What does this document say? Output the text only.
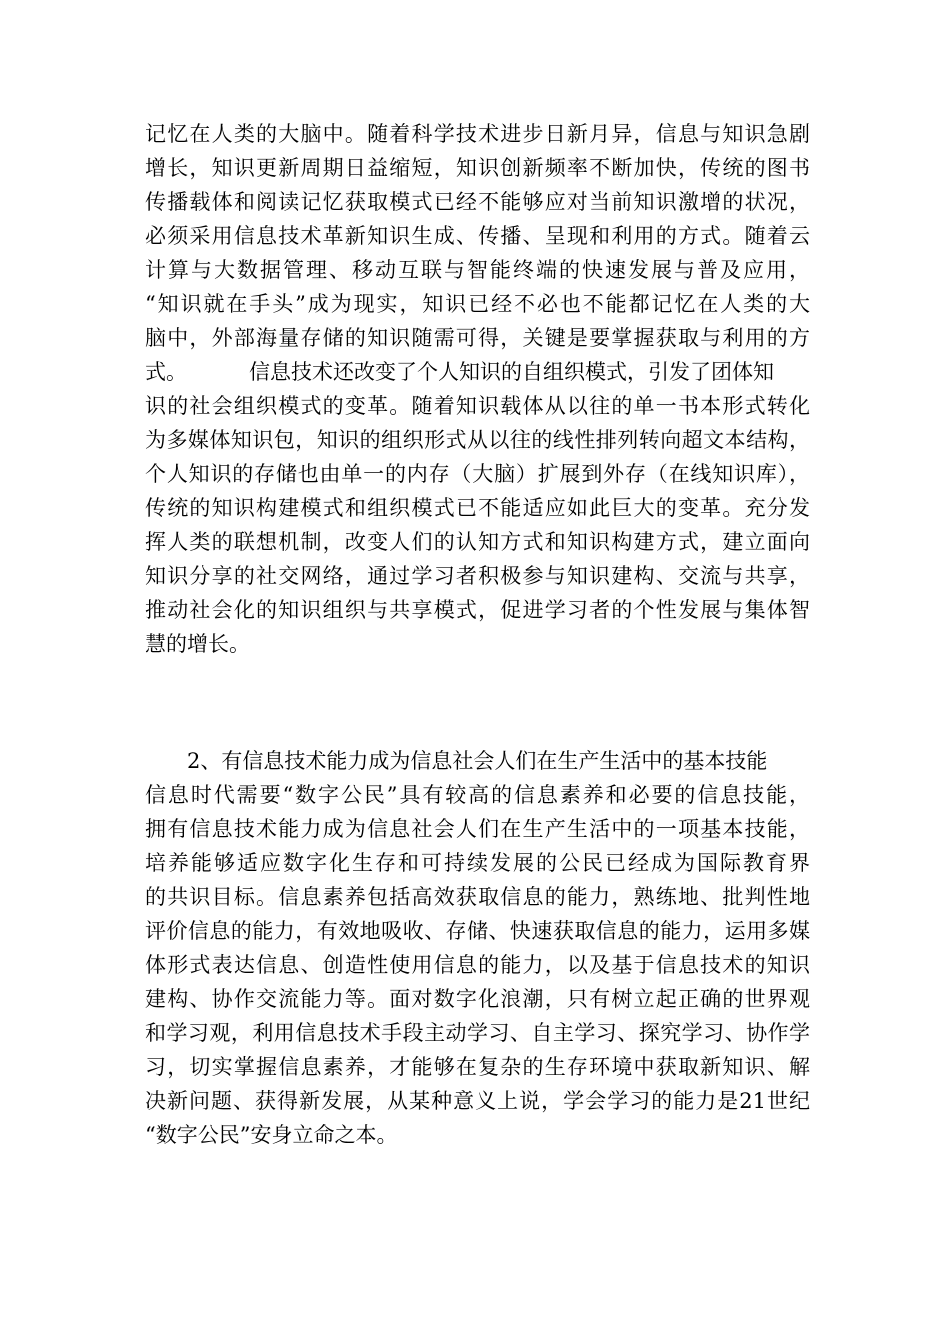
记忆在人类的大脑中。随着科学技术进步日新月异，信息与知识急剧
增长，知识更新周期日益缩短，知识创新频率不断加快，传统的图书
传播载体和阅读记忆获取模式已经不能够应对当前知识激增的状况，
必须采用信息技术革新知识生成、传播、呈现和利用的方式。随着云
计算与大数据管理、移动互联与智能终端的快速发展与普及应用，
“知识就在手头”成为现实，知识已经不必也不能都记忆在人类的大
脑中，外部海量存储的知识随需可得，关键是要掌握获取与利用的方
式。	信息技术还改变了个人知识的自组织模式，引发了团体知
识的社会组织模式的变革。随着知识载体从以往的单一书本形式转化
为多媒体知识包，知识的组织形式从以往的线性排列转向超文本结构，
个人知识的存储也由单一的内存（大脑）扩展到外存（在线知识库），
传统的知识构建模式和组织模式已不能适应如此巨大的变革。充分发
挥人类的联想机制，改变人们的认知方式和知识构建方式，建立面向
知识分享的社交网络，通过学习者积极参与知识建构、交流与共享，
推动社会化的知识组织与共享模式，促进学习者的个性发展与集体智
慧的增长。
2、有信息技术能力成为信息社会人们在生产生活中的基本技能
信息时代需要“数字公民”具有较高的信息素养和必要的信息技能，
拥有信息技术能力成为信息社会人们在生产生活中的一项基本技能，
培养能够适应数字化生存和可持续发展的公民已经成为国际教育界
的共识目标。信息素养包括高效获取信息的能力，熟练地、批判性地
评价信息的能力，有效地吸收、存储、快速获取信息的能力，运用多媒
体形式表达信息、创造性使用信息的能力，以及基于信息技术的知识
建构、协作交流能力等。面对数字化浪潮，只有树立起正确的世界观
和学习观，利用信息技术手段主动学习、自主学习、探究学习、协作学
习，切实掌握信息素养，才能够在复杂的生存环境中获取新知识、解
决新问题、获得新发展，从某种意义上说，学会学习的能力是21世纪
“数字公民”安身立命之本。
